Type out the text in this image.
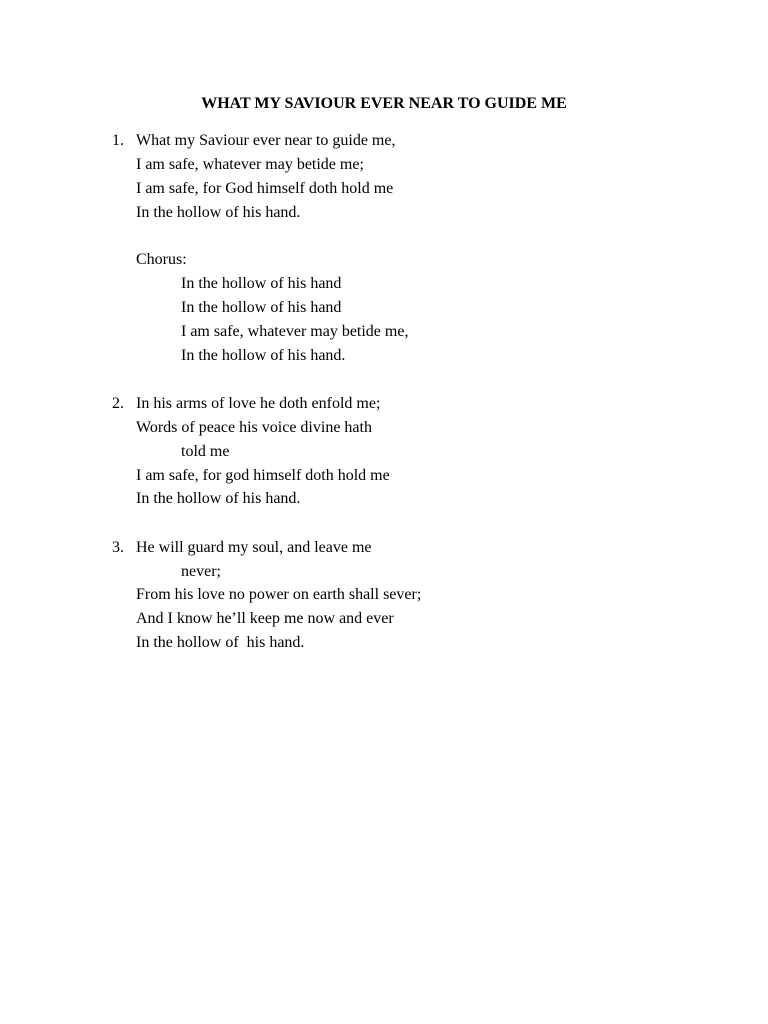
WHAT MY SAVIOUR EVER NEAR TO GUIDE ME
1. What my Saviour ever near to guide me,
I am safe, whatever may betide me;
I am safe, for God himself doth hold me
In the hollow of his hand.
Chorus:
In the hollow of his hand
In the hollow of his hand
I am safe, whatever may betide me,
In the hollow of his hand.
2. In his arms of love he doth enfold me;
Words of peace his voice divine hath
told me
I am safe, for god himself doth hold me
In the hollow of his hand.
3. He will guard my soul, and leave me
never;
From his love no power on earth shall sever;
And I know he’ll keep me now and ever
In the hollow of  his hand.
